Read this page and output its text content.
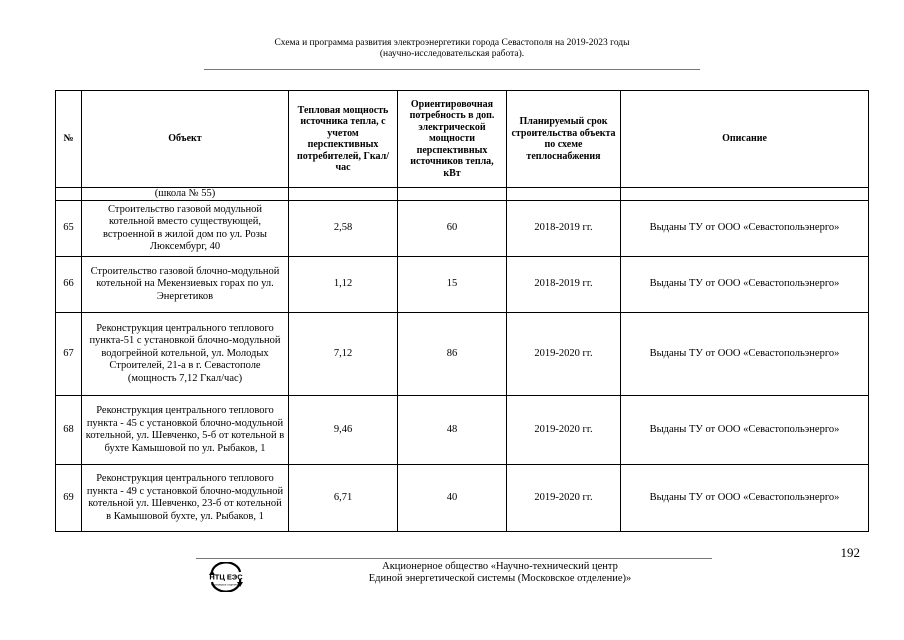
Схема и программа развития электроэнергетики города Севастополя на 2019-2023 годы
(научно-исследовательская работа).
№	Объект	Тепловая мощность источника тепла, с учетом перспективных потребителей, Гкал/час	Ориентировочная потребность в доп. электрической мощности перспективных источников тепла, кВт	Планируемый срок строительства объекта по схеме теплоснабжения	Описание
	(школа № 55)				
65	Строительство газовой модульной котельной вместо существующей, встроенной в жилой дом по ул. Розы Люксембург, 40	2,58	60	2018-2019 гг.	Выданы ТУ от ООО «Севастопольэнерго»
66	Строительство газовой блочно-модульной котельной на Мекензиевых горах по ул. Энергетиков	1,12	15	2018-2019 гг.	Выданы ТУ от ООО «Севастопольэнерго»
67	Реконструкция центрального теплового пункта-51 с установкой блочно-модульной водогрейной котельной, ул. Молодых Строителей, 21-а в г. Севастополе (мощность 7,12 Гкал/час)	7,12	86	2019-2020 гг.	Выданы ТУ от ООО «Севастопольэнерго»
68	Реконструкция центрального теплового пункта - 45 с установкой блочно-модульной котельной, ул. Шевченко, 5-б от котельной в бухте Камышовой по ул. Рыбаков, 1	9,46	48	2019-2020 гг.	Выданы ТУ от ООО «Севастопольэнерго»
69	Реконструкция центрального теплового пункта - 49 с установкой блочно-модульной котельной ул. Шевченко, 23-б от котельной в Камышовой бухте, ул. Рыбаков, 1	6,71	40	2019-2020 гг.	Выданы ТУ от ООО «Севастопольэнерго»
192
НТЦ ЕЭС
Московское отделение
Акционерное общество «Научно-технический центр
Единой энергетической системы (Московское отделение)»
